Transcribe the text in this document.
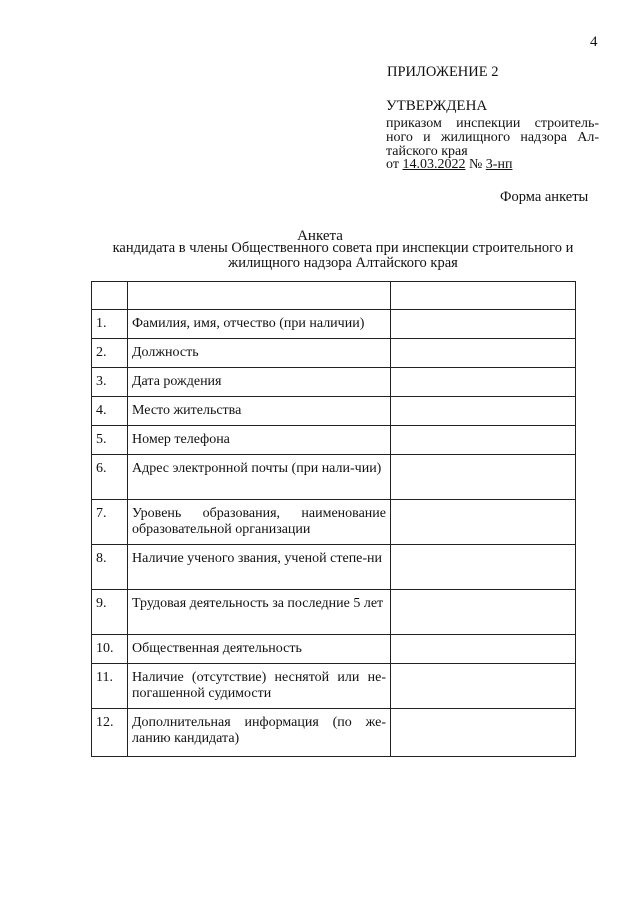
4
ПРИЛОЖЕНИЕ 2
УТВЕРЖДЕНА
приказом инспекции строитель-
ного и жилищного надзора Ал-
тайского края
от 14.03.2022 № 3-нп
Форма анкеты
Анкета
кандидата в члены Общественного совета при инспекции строительного и
жилищного надзора Алтайского края

1.	Фамилия, имя, отчество (при наличии)	
2.	Должность	
3.	Дата рождения	
4.	Место жительства	
5.	Номер телефона	
6.	Адрес электронной почты (при нали-чии)	
7.	Уровень образования, наименование образовательной организации	
8.	Наличие ученого звания, ученой степе-ни	
9.	Трудовая деятельность за последние 5 лет	
10.	Общественная деятельность	
11.	Наличие (отсутствие) неснятой или не-погашенной судимости	
12.	Дополнительная информация (по же-ланию кандидата)	
